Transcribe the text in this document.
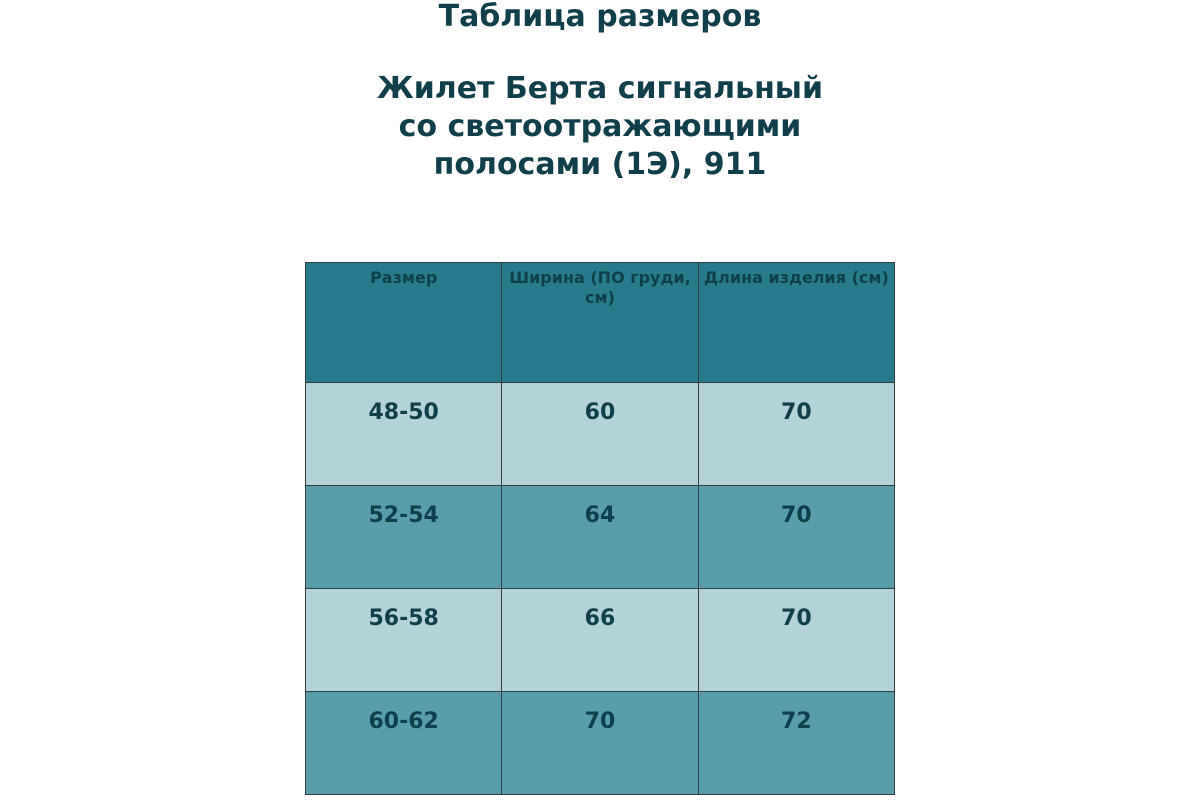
Таблица размеров
Жилет Берта сигнальный
со светоотражающими
полосами (1Э), 911
Размер	Ширина (ПО груди, см)	Длина изделия (см)
48-50	60	70
52-54	64	70
56-58	66	70
60-62	70	72
